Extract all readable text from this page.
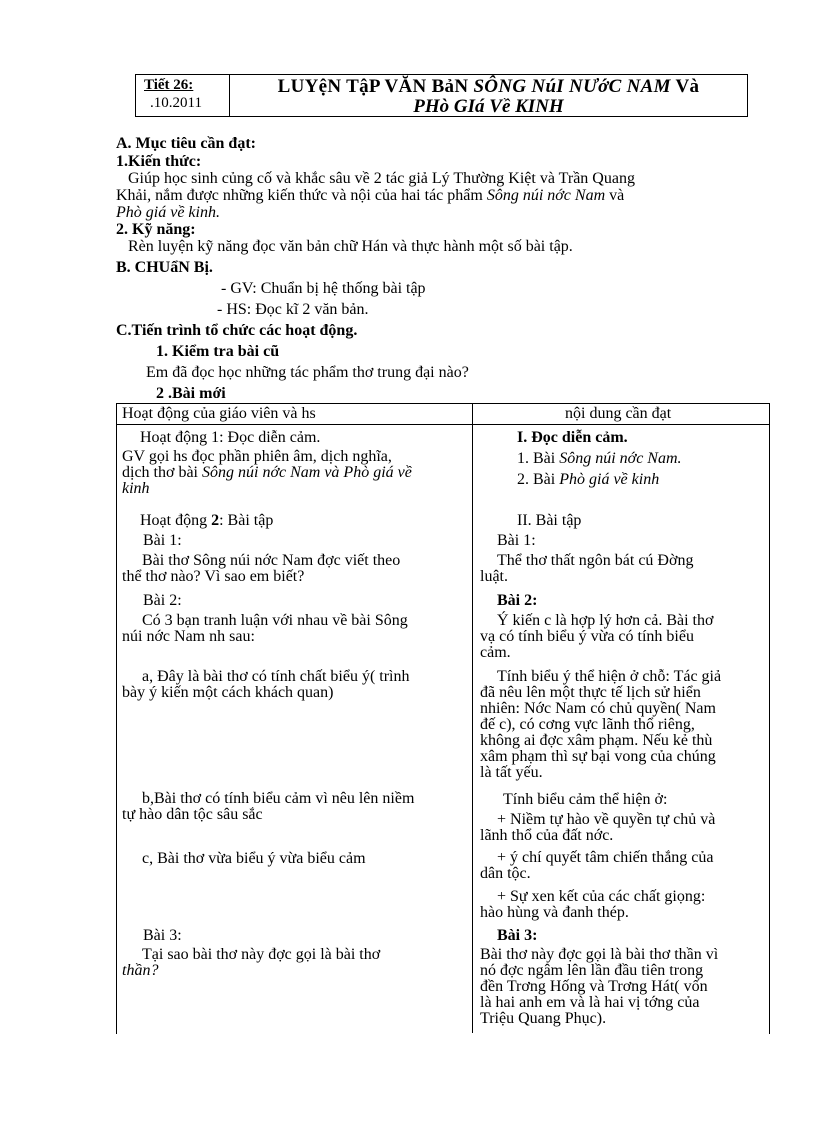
Tiết 26:
.10.2011
LUYệN TậP VĂN BảN SÔNG NúI NƯớC NAM Và
PHò GIá Về KINH
A. Mục tiêu cần đạt:
1.Kiến thức:
Giúp học sinh củng cố và khắc sâu về 2 tác giả Lý Thường Kiệt và Trần Quang
Khải, nắm được những kiến thức và nội của hai tác phẩm Sông núi nớc Nam và
Phò giá về kinh.
2. Kỹ năng:
Rèn luyện kỹ năng đọc văn bản chữ Hán và thực hành một số bài tập.
B. CHUẩN Bị.
- GV: Chuẩn bị hệ thống bài tập
- HS: Đọc kĩ 2 văn bản.
C.Tiến trình tổ chức các hoạt động.
1. Kiểm tra bài cũ
Em đã đọc học những tác phẩm thơ trung đại nào?
2 .Bài mới
Hoạt động của giáo viên và hs	nội dung cần đạt
Hoạt động 1: Đọc diễn cảm.
GV gọi hs đọc phần phiên âm, dịch nghĩa,
dịch thơ bài Sông núi nớc Nam và Phò giá về
kinh
Hoạt động 2: Bài tập
Bài 1:
Bài thơ Sông núi nớc Nam đợc viết theo
thể thơ nào? Vì sao em biết?
Bài 2:
Có 3 bạn tranh luận với nhau về bài Sông
núi nớc Nam nh sau:
a, Đây là bài thơ có tính chất biểu ý( trình
bày ý kiến một cách khách quan)
b,Bài thơ có tính biểu cảm vì nêu lên niềm
tự hào dân tộc sâu sắc
c, Bài thơ vừa biểu ý vừa biểu cảm
Bài 3:
Tại sao bài thơ này đợc gọi là bài thơ
thần?
I. Đọc diễn cảm.
1. Bài Sông núi nớc Nam.
2. Bài Phò giá về kinh
II. Bài tập
Bài 1:
Thể thơ thất ngôn bát cú Đờng
luật.
Bài 2:
Ý kiến c là hợp lý hơn cả. Bài thơ
vạ có tính biểu ý vừa có tính biểu
cảm.
Tính biểu ý thể hiện ở chỗ: Tác giả
đã nêu lên một thực tế lịch sử hiển
nhiên: Nớc Nam có chủ quyền( Nam
đế c), có cơng vực lãnh thổ riêng,
không ai đợc xâm phạm. Nếu kẻ thù
xâm phạm thì sự bại vong của chúng
là tất yếu.
Tính biểu cảm thể hiện ở:
+ Niềm tự hào về quyền tự chủ và
lãnh thổ của đất nớc.
+ ý chí quyết tâm chiến thắng của
dân tộc.
+ Sự xen kết của các chất giọng:
hào hùng và đanh thép.
Bài 3:
Bài thơ này đợc gọi là bài thơ thần vì
nó đợc ngâm lên lần đầu tiên trong
đền Trơng Hống và Trơng Hát( vốn
là hai anh em và là hai vị tớng của
Triệu Quang Phục).
